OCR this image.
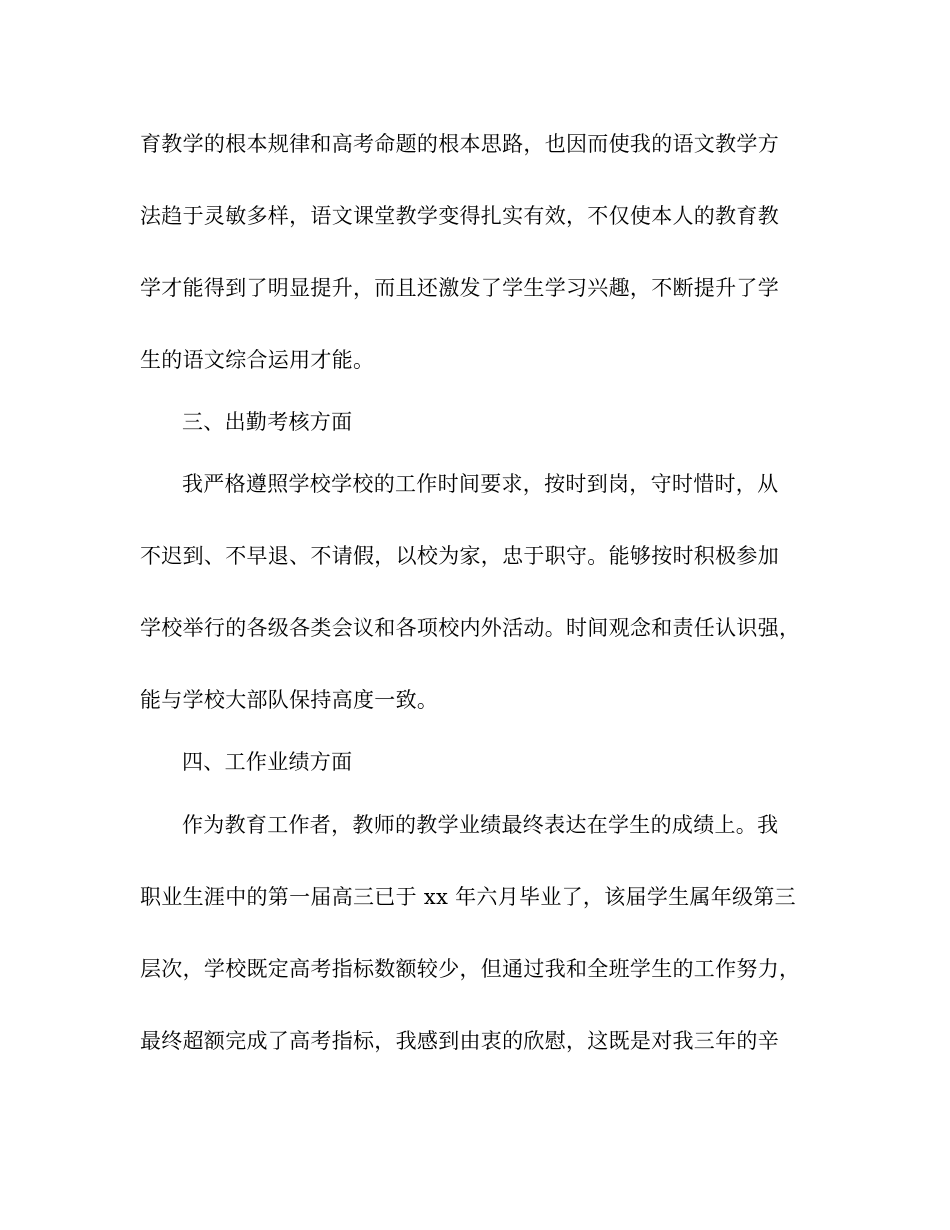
育教学的根本规律和高考命题的根本思路，也因而使我的语文教学方
法趋于灵敏多样，语文课堂教学变得扎实有效，不仅使本人的教育教
学才能得到了明显提升，而且还激发了学生学习兴趣，不断提升了学
生的语文综合运用才能。
三、出勤考核方面
我严格遵照学校学校的工作时间要求，按时到岗，守时惜时，从
不迟到、不早退、不请假，以校为家，忠于职守。能够按时积极参加
学校举行的各级各类会议和各项校内外活动。时间观念和责任认识强，
能与学校大部队保持高度一致。
四、工作业绩方面
作为教育工作者，教师的教学业绩最终表达在学生的成绩上。我
职业生涯中的第一届高三已于 xx 年六月毕业了，该届学生属年级第三
层次，学校既定高考指标数额较少，但通过我和全班学生的工作努力，
最终超额完成了高考指标，我感到由衷的欣慰，这既是对我三年的辛
